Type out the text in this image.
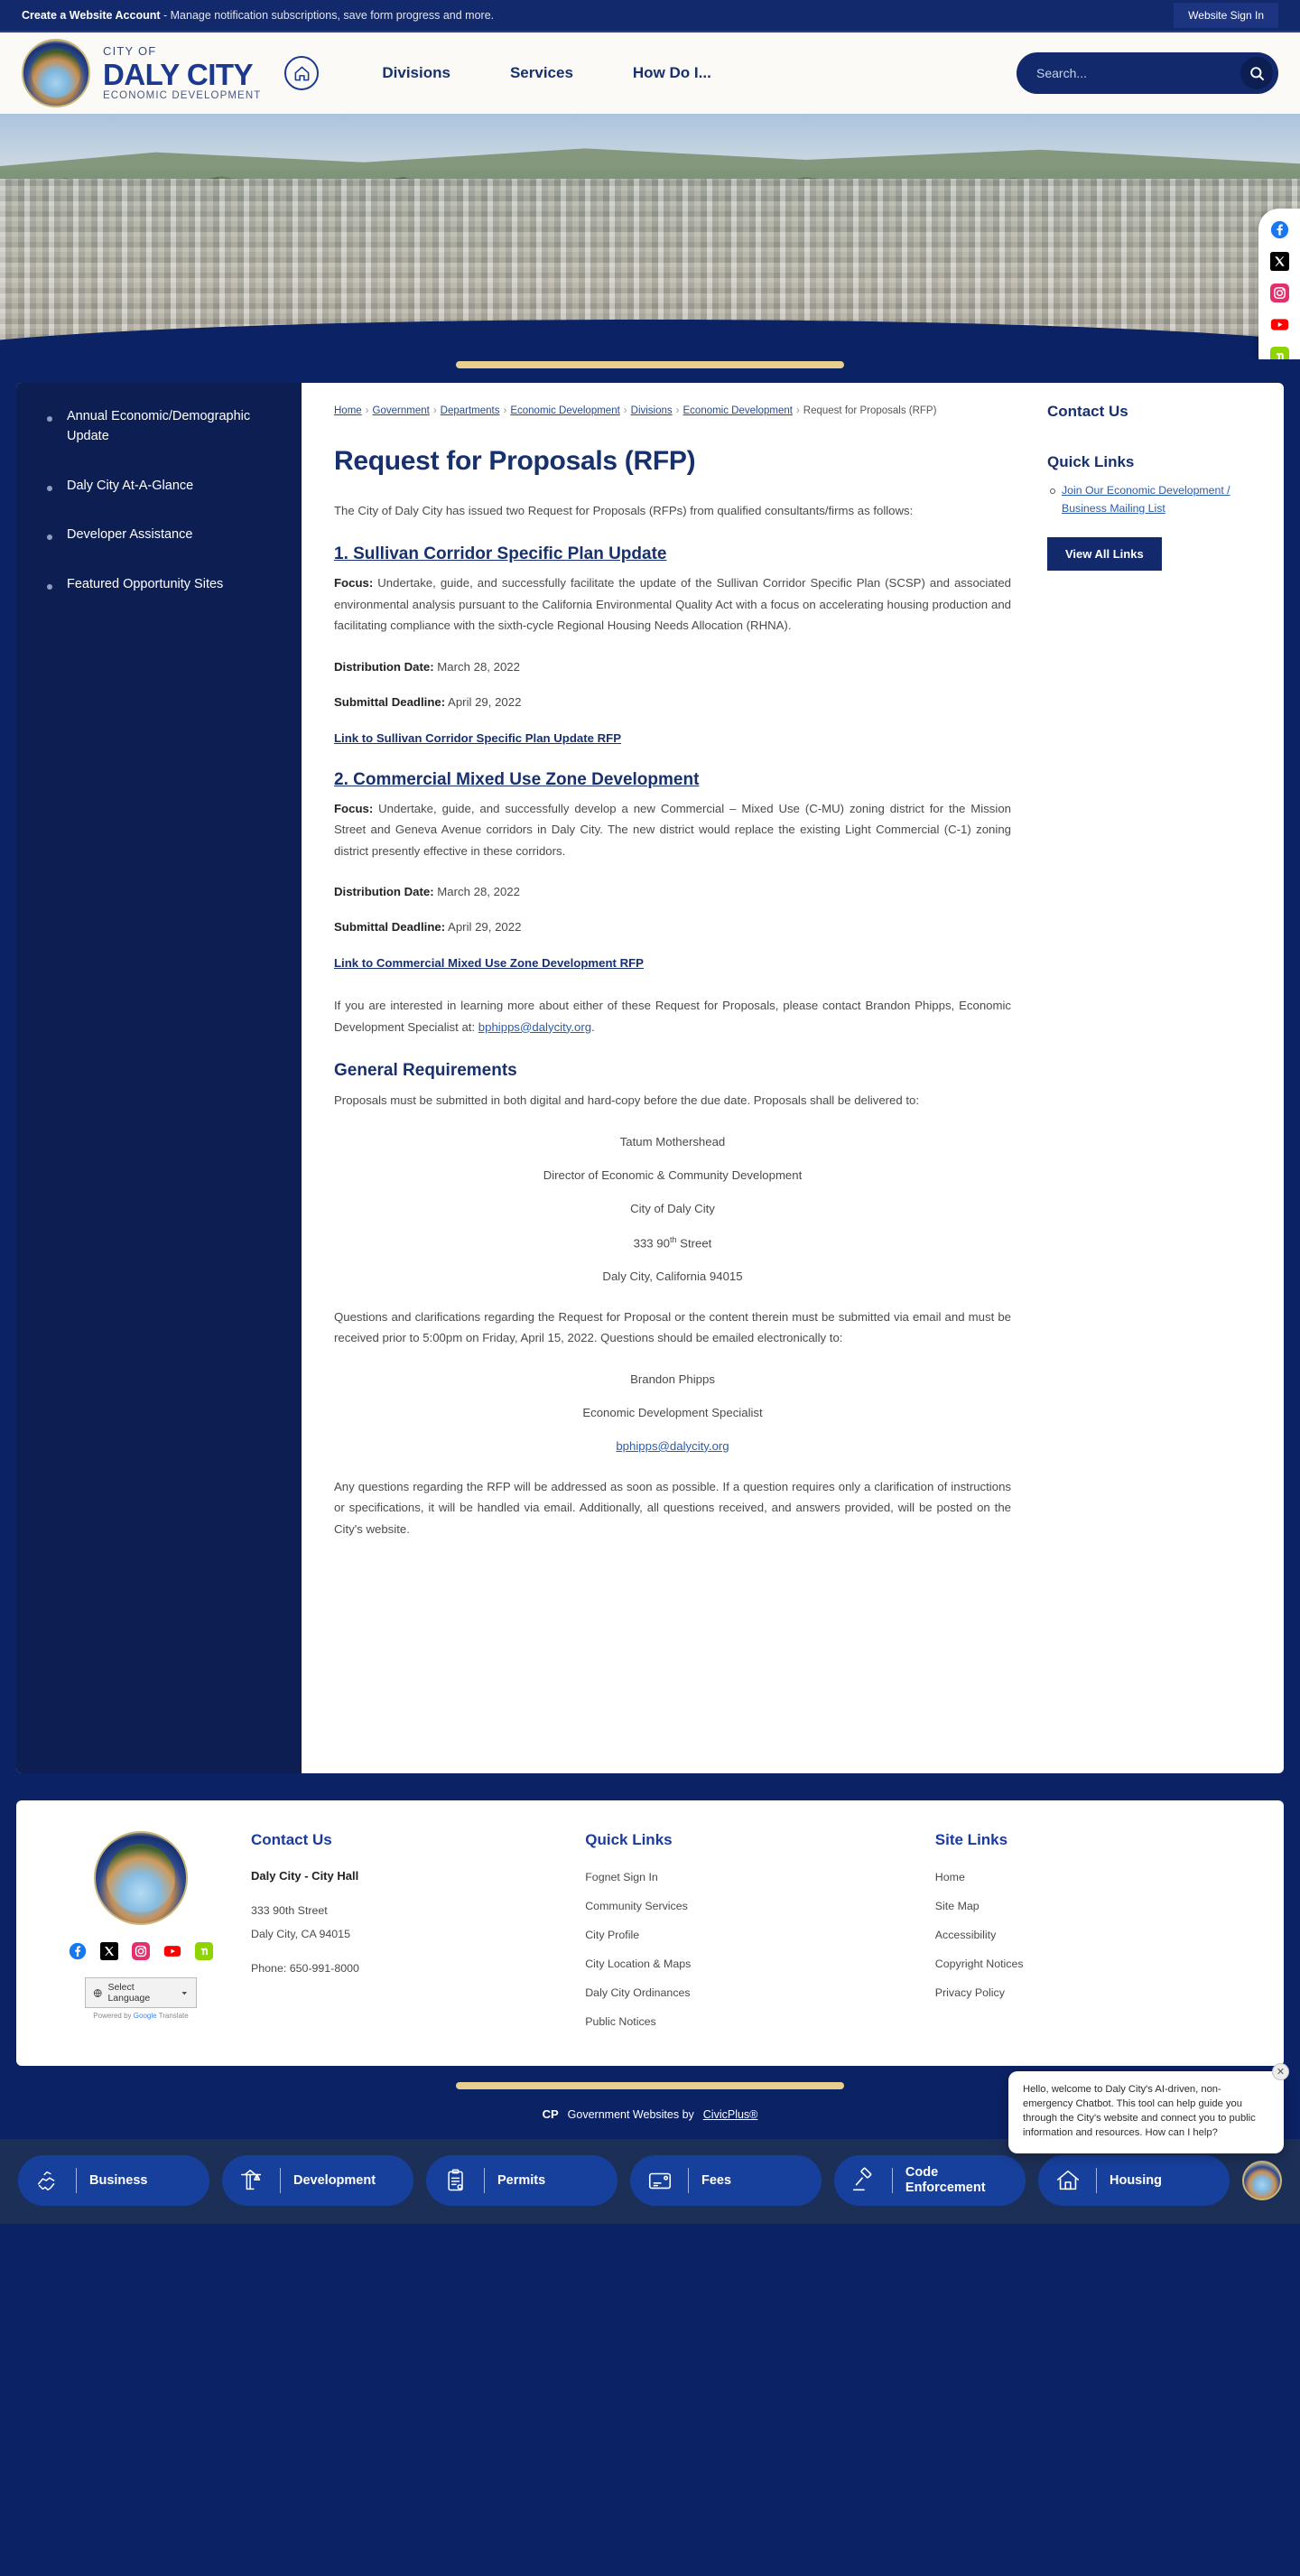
Create a Website Account - Manage notification subscriptions, save form progress and more.	Website Sign In
CITY OF
DALY CITY
ECONOMIC DEVELOPMENT
Divisions	Services	How Do I...
Search...
Annual Economic/Demographic Update
Daly City At-A-Glance
Developer Assistance
Featured Opportunity Sites
Home › Government › Departments › Economic Development › Divisions › Economic Development › Request for Proposals (RFP)
Request for Proposals (RFP)

The City of Daly City has issued two Request for Proposals (RFPs) from qualified consultants/firms as follows:

1. Sullivan Corridor Specific Plan Update

Focus: Undertake, guide, and successfully facilitate the update of the Sullivan Corridor Specific Plan (SCSP) and associated environmental analysis pursuant to the California Environmental Quality Act with a focus on accelerating housing production and facilitating compliance with the sixth-cycle Regional Housing Needs Allocation (RHNA).

Distribution Date: March 28, 2022

Submittal Deadline: April 29, 2022

Link to Sullivan Corridor Specific Plan Update RFP
2. Commercial Mixed Use Zone Development

Focus: Undertake, guide, and successfully develop a new Commercial – Mixed Use (C-MU) zoning district for the Mission Street and Geneva Avenue corridors in Daly City. The new district would replace the existing Light Commercial (C-1) zoning district presently effective in these corridors.

Distribution Date: March 28, 2022

Submittal Deadline: April 29, 2022

Link to Commercial Mixed Use Zone Development RFP

If you are interested in learning more about either of these Request for Proposals, please contact Brandon Phipps, Economic Development Specialist at: bphipps@dalycity.org.

General Requirements

Proposals must be submitted in both digital and hard-copy before the due date. Proposals shall be delivered to:

Tatum Mothershead

Director of Economic & Community Development

City of Daly City

333 90th Street

Daly City, California 94015

Questions and clarifications regarding the Request for Proposal or the content therein must be submitted via email and must be received prior to 5:00pm on Friday, April 15, 2022. Questions should be emailed electronically to:

Brandon Phipps

Economic Development Specialist

bphipps@dalycity.org

Any questions regarding the RFP will be addressed as soon as possible. If a question requires only a clarification of instructions or specifications, it will be handled via email. Additionally, all questions received, and answers provided, will be posted on the City's website.

Contact Us
Quick Links
Join Our Economic Development / Business Mailing List
View All Links
Select Language
Powered by Google Translate
Contact Us
Daly City - City Hall
333 90th Street
Daly City, CA 94015
Phone: 650-991-8000
Quick Links
Fognet Sign In
Community Services
City Profile
City Location & Maps
Daly City Ordinances
Public Notices
Site Links
Home
Site Map
Accessibility
Copyright Notices
Privacy Policy
CP Government Websites by CivicPlus®
✕

Hello, welcome to Daly City's AI-driven, non-emergency Chatbot. This tool can help guide you through the City's website and connect you to public information and resources. How can I help?

Business	Development	Permits	Fees
Code Enforcement
Housing
